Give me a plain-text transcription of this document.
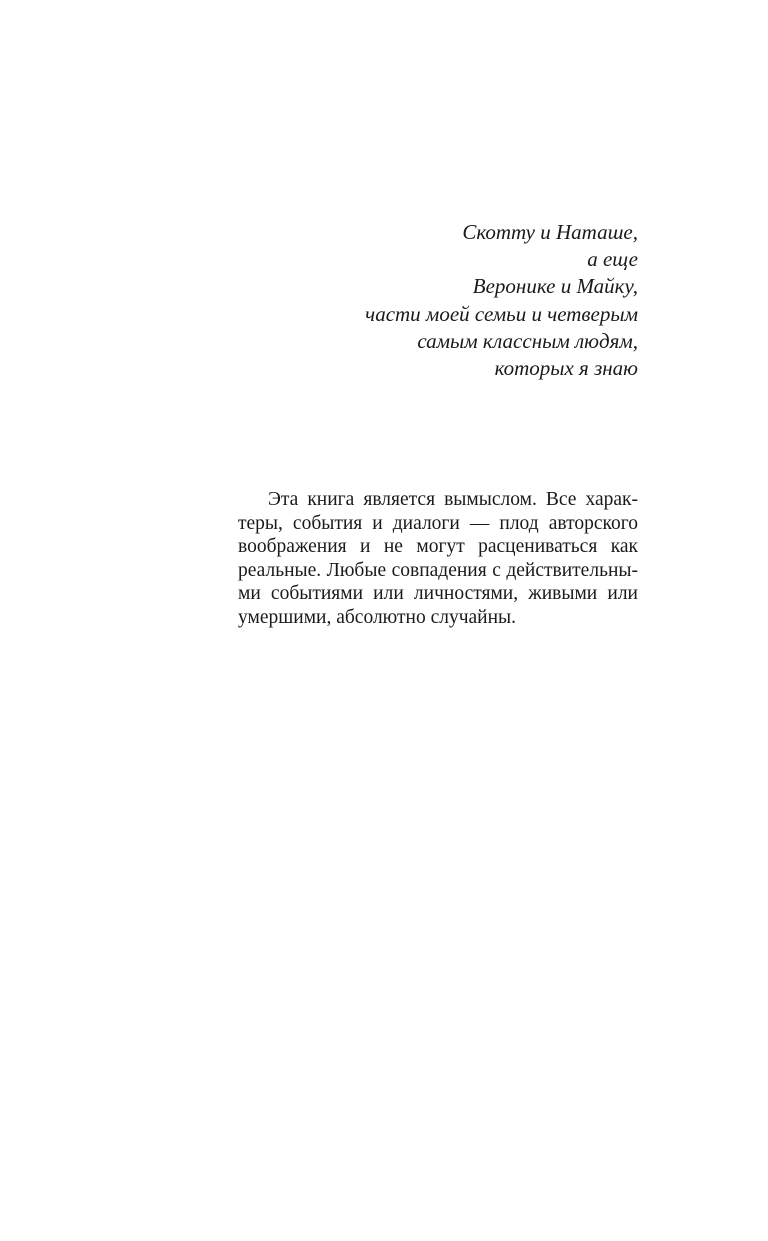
Скотту и Наташе,
а еще
Веронике и Майку,
части моей семьи и четверым
самым классным людям,
которых я знаю
Эта книга является вымыслом. Все харак-
теры, события и диалоги — плод авторского
воображения и не могут расцениваться как
реальные. Любые совпадения с действительны-
ми событиями или личностями, живыми или
умершими, абсолютно случайны.
